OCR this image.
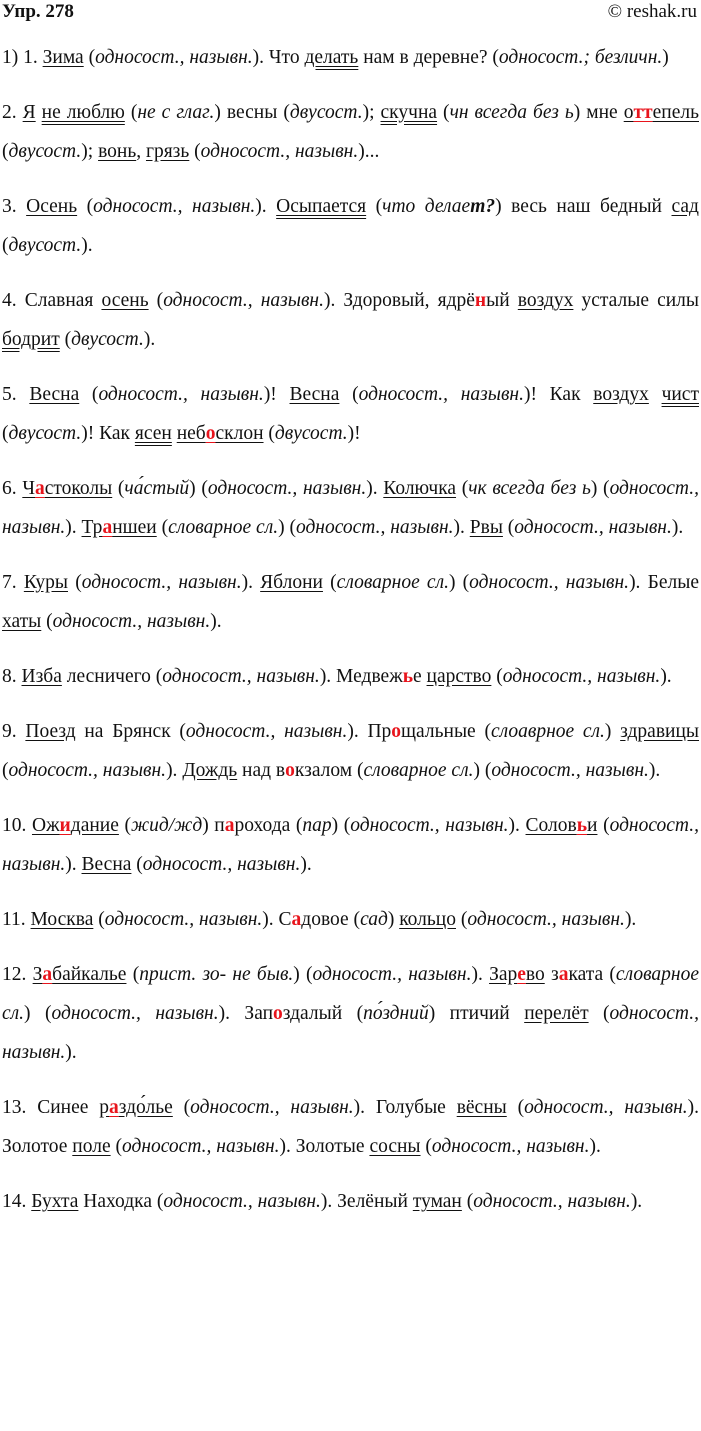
Упр. 278	© reshak.ru

1) 1. Зима (односост., назывн.). Что делать нам в деревне? (односост.; безличн.)

2. Я не люблю (не с глаг.) весны (двусост.); скучна (чн всегда без ь) мне оттепель (двусост.); вонь, грязь (односост., назывн.)...

3. Осень (односост., назывн.). Осыпается (что делает?) весь наш бедный сад (двусост.).

4. Славная осень (односост., назывн.). Здоровый, ядрёный воздух усталые силы бодрит (двусост.).

5. Весна (односост., назывн.)! Весна (односост., назывн.)! Как воздух чист (двусост.)! Как ясен небосклон (двусост.)!

6. Частоколы (ча́стый) (односост., назывн.). Колючка (чк всегда без ь) (односост., назывн.). Траншеи (словарное сл.) (односост., назывн.). Рвы (односост., назывн.).

7. Куры (односост., назывн.). Яблони (словарное сл.) (односост., назывн.). Белые хаты (односост., назывн.).

8. Изба лесничего (односост., назывн.). Медвежье царство (односост., назывн.).

9. Поезд на Брянск (односост., назывн.). Прощальные (слоаврное сл.) здравицы (односост., назывн.). Дождь над вокзалом (словарное сл.) (односост., назывн.).

10. Ожидание (жид/жд) парохода (пар) (односост., назывн.). Соловьи (односост., назывн.). Весна (односост., назывн.).

11. Москва (односост., назывн.). Садовое (сад) кольцо (односост., назывн.).

12. Забайкалье (прист. зо- не быв.) (односост., назывн.). Зарево заката (словарное сл.) (односост., назывн.). Запоздалый (по́здний) птичий перелёт (односост., назывн.).

13. Синее раздо́лье (односост., назывн.). Голубые вёсны (односост., назывн.). Золотое поле (односост., назывн.). Золотые сосны (односост., назывн.).

14. Бухта Находка (односост., назывн.). Зелёный туман (односост., назывн.).
